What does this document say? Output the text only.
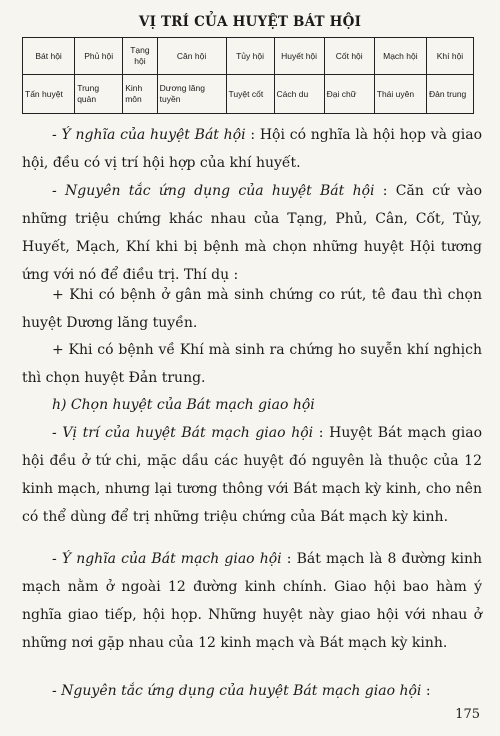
VỊ TRÍ CỦA HUYỆT BÁT HỘI
Bát hội	Phủ hội	Tạng hội	Cân hội	Tủy hội	Huyết hội	Cốt hội	Mạch hội	Khí hội
Tấn huyệt	Trung quản	Kinh môn	Dương lăng tuyền	Tuyệt cốt	Cách du	Đại chữ	Thái uyên	Đản trung

- Ý nghĩa của huyệt Bát hội : Hội có nghĩa là hội họp và giao hội, đều có vị trí hội hợp của khí huyết.

- Nguyên tắc ứng dụng của huyệt Bát hội : Căn cứ vào những triệu chứng khác nhau của Tạng, Phủ, Cân, Cốt, Tủy, Huyết, Mạch, Khí khi bị bệnh mà chọn những huyệt Hội tương ứng với nó để điều trị. Thí dụ :

+ Khi có bệnh ở gân mà sinh chứng co rút, tê đau thì chọn huyệt Dương lăng tuyền.

+ Khi có bệnh về Khí mà sinh ra chứng ho suyễn khí nghịch thì chọn huyệt Đản trung.

h) Chọn huyệt của Bát mạch giao hội

- Vị trí của huyệt Bát mạch giao hội : Huyệt Bát mạch giao hội đều ở tứ chi, mặc dầu các huyệt đó nguyên là thuộc của 12 kinh mạch, nhưng lại tương thông với Bát mạch kỳ kinh, cho nên có thể dùng để trị những triệu chứng của Bát mạch kỳ kinh.

- Ý nghĩa của Bát mạch giao hội : Bát mạch là 8 đường kinh mạch nằm ở ngoài 12 đường kinh chính. Giao hội bao hàm ý nghĩa giao tiếp, hội họp. Những huyệt này giao hội với nhau ở những nơi gặp nhau của 12 kinh mạch và Bát mạch kỳ kinh.

- Nguyên tắc ứng dụng của huyệt Bát mạch giao hội :

175
